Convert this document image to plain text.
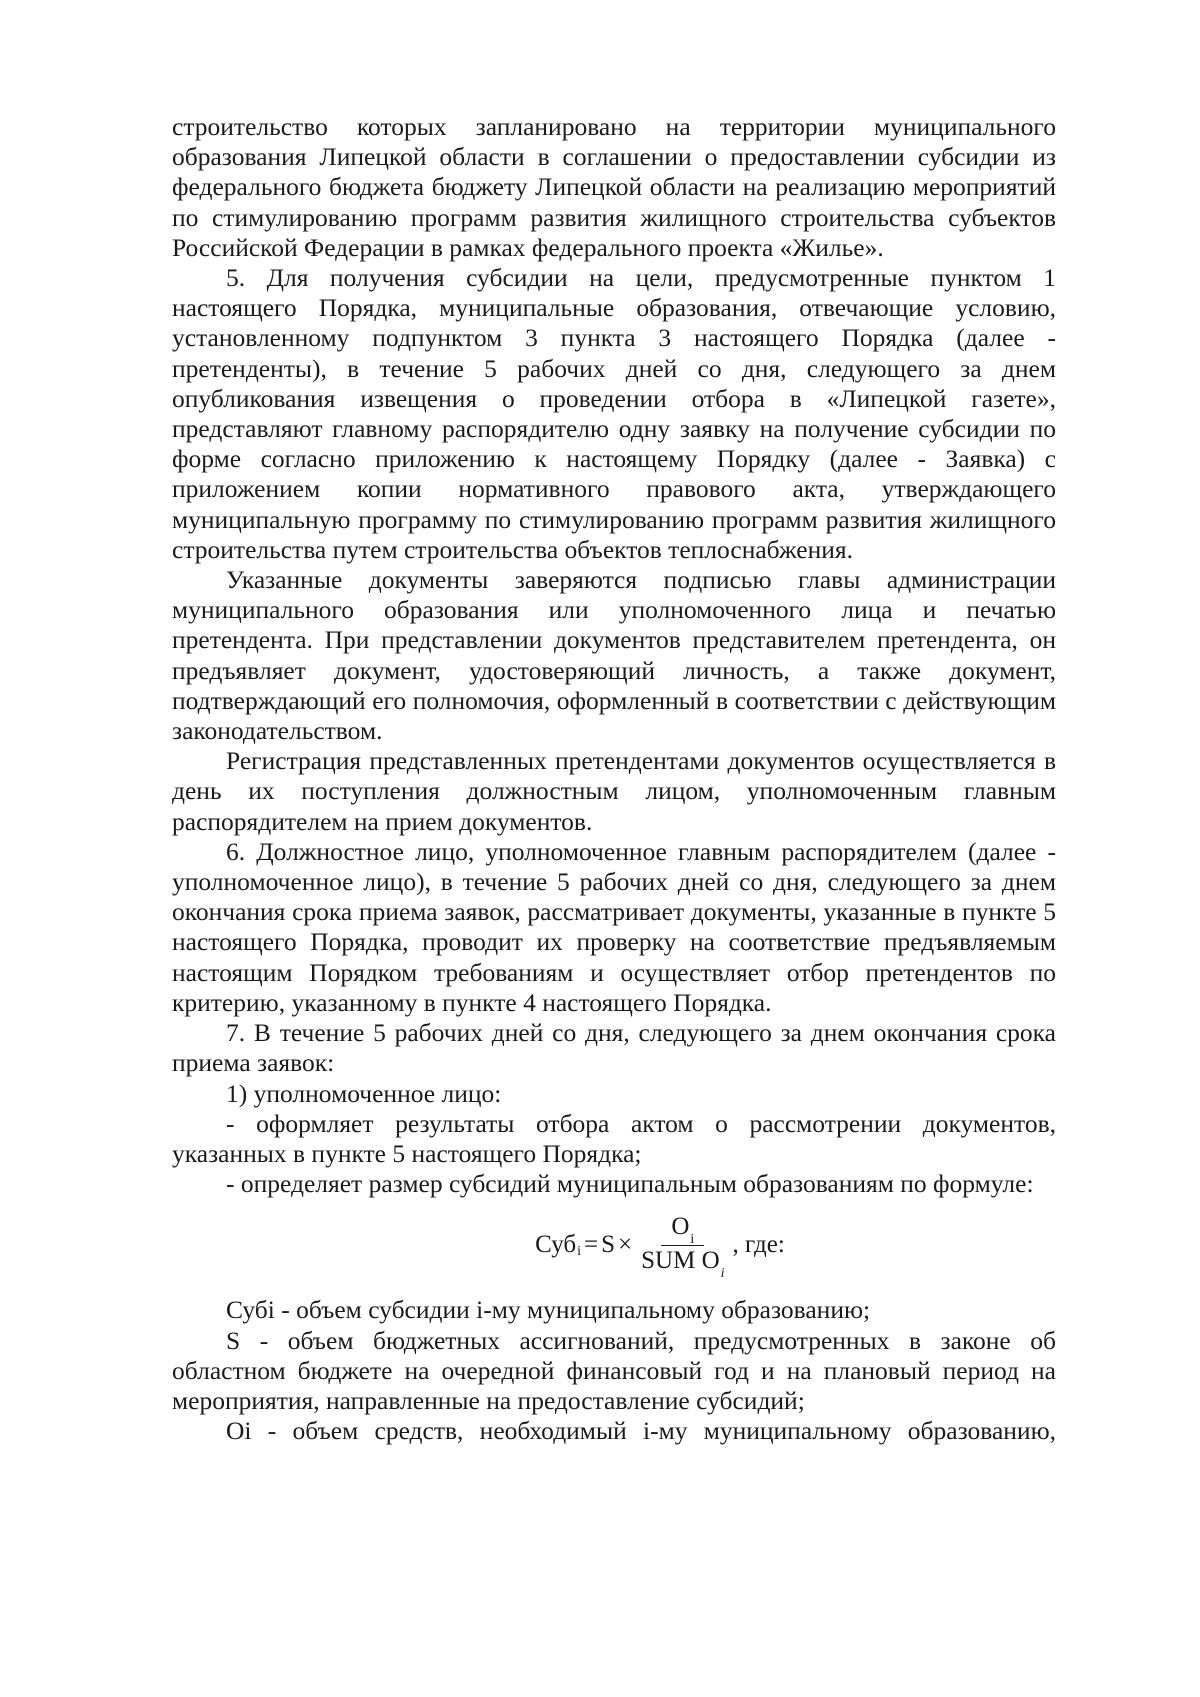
строительство которых запланировано на территории муниципального образования Липецкой области в соглашении о предоставлении субсидии из федерального бюджета бюджету Липецкой области на реализацию мероприятий по стимулированию программ развития жилищного строительства субъектов Российской Федерации в рамках федерального проекта «Жилье».

5. Для получения субсидии на цели, предусмотренные пунктом 1 настоящего Порядка, муниципальные образования, отвечающие условию, установленному подпунктом 3 пункта 3 настоящего Порядка (далее - претенденты), в течение 5 рабочих дней со дня, следующего за днем опубликования извещения о проведении отбора в «Липецкой газете», представляют главному распорядителю одну заявку на получение субсидии по форме согласно приложению к настоящему Порядку (далее - Заявка) с приложением копии нормативного правового акта, утверждающего муниципальную программу по стимулированию программ развития жилищного строительства путем строительства объектов теплоснабжения.

Указанные документы заверяются подписью главы администрации муниципального образования или уполномоченного лица и печатью претендента. При представлении документов представителем претендента, он предъявляет документ, удостоверяющий личность, а также документ, подтверждающий его полномочия, оформленный в соответствии с действующим законодательством.

Регистрация представленных претендентами документов осуществляется в день их поступления должностным лицом, уполномоченным главным распорядителем на прием документов.

6. Должностное лицо, уполномоченное главным распорядителем (далее - уполномоченное лицо), в течение 5 рабочих дней со дня, следующего за днем окончания срока приема заявок, рассматривает документы, указанные в пункте 5 настоящего Порядка, проводит их проверку на соответствие предъявляемым настоящим Порядком требованиям и осуществляет отбор претендентов по критерию, указанному в пункте 4 настоящего Порядка.

7. В течение 5 рабочих дней со дня, следующего за днем окончания срока приема заявок:

1) уполномоченное лицо:

- оформляет результаты отбора актом о рассмотрении документов, указанных в пункте 5 настоящего Порядка;

- определяет размер субсидий муниципальным образованиям по формуле:

$Суб_i = S \times \frac{O_i}{SUM O_i}$ , где:

Субi - объем субсидии i-му муниципальному образованию;

S - объем бюджетных ассигнований, предусмотренных в законе об областном бюджете на очередной финансовый год и на плановый период на мероприятия, направленные на предоставление субсидий;

Oi - объем средств, необходимый i-му муниципальному образованию,
